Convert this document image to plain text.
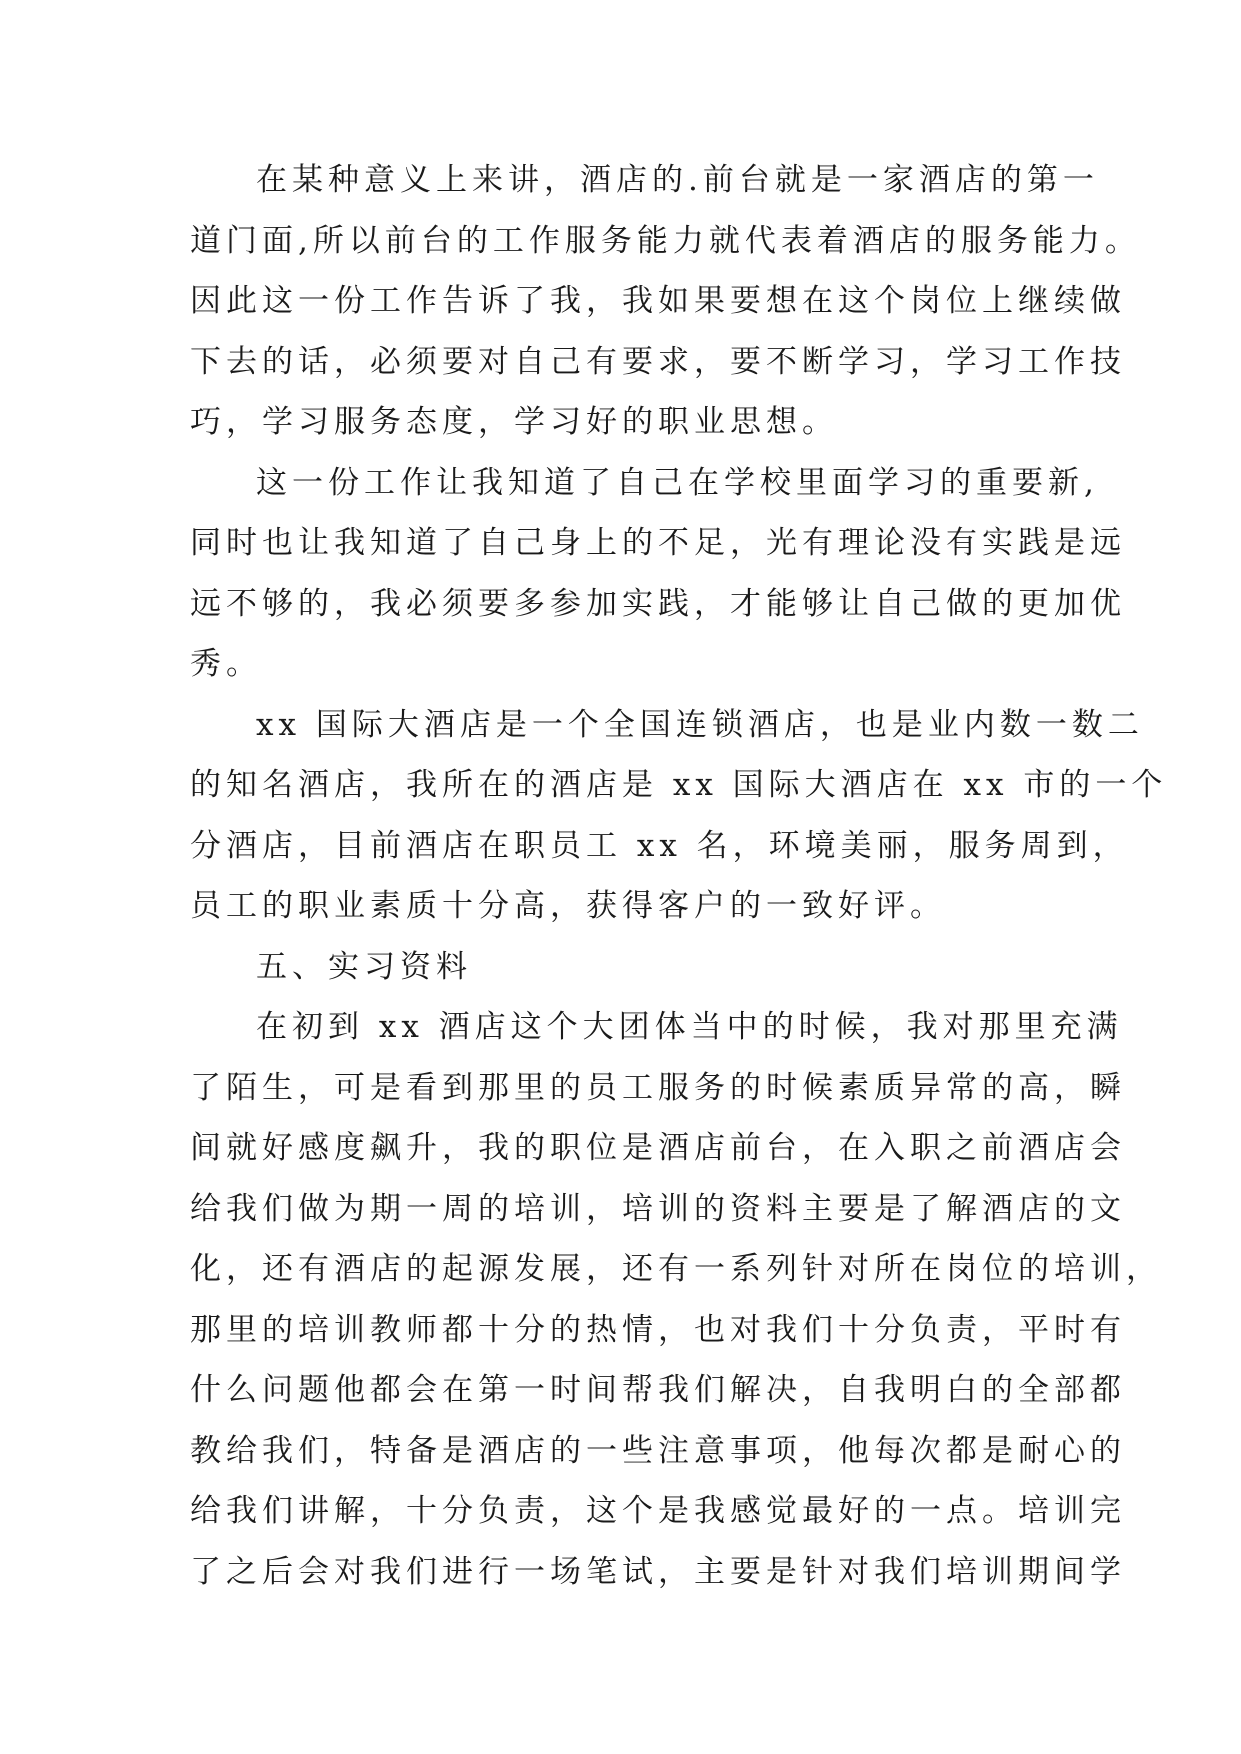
在某种意义上来讲，酒店的.前台就是一家酒店的第一

道门面,所以前台的工作服务能力就代表着酒店的服务能力。

因此这一份工作告诉了我，我如果要想在这个岗位上继续做

下去的话，必须要对自己有要求，要不断学习，学习工作技

巧，学习服务态度，学习好的职业思想。

这一份工作让我知道了自己在学校里面学习的重要新,

同时也让我知道了自己身上的不足，光有理论没有实践是远

远不够的，我必须要多参加实践，才能够让自己做的更加优

秀。

xx 国际大酒店是一个全国连锁酒店，也是业内数一数二

的知名酒店，我所在的酒店是 xx 国际大酒店在 xx 市的一个

分酒店，目前酒店在职员工 xx 名，环境美丽，服务周到，

员工的职业素质十分高，获得客户的一致好评。

五、实习资料

在初到 xx 酒店这个大团体当中的时候，我对那里充满

了陌生，可是看到那里的员工服务的时候素质异常的高，瞬

间就好感度飙升，我的职位是酒店前台，在入职之前酒店会

给我们做为期一周的培训，培训的资料主要是了解酒店的文

化，还有酒店的起源发展，还有一系列针对所在岗位的培训，

那里的培训教师都十分的热情，也对我们十分负责，平时有

什么问题他都会在第一时间帮我们解决，自我明白的全部都

教给我们，特备是酒店的一些注意事项，他每次都是耐心的

给我们讲解，十分负责，这个是我感觉最好的一点。培训完

了之后会对我们进行一场笔试，主要是针对我们培训期间学
